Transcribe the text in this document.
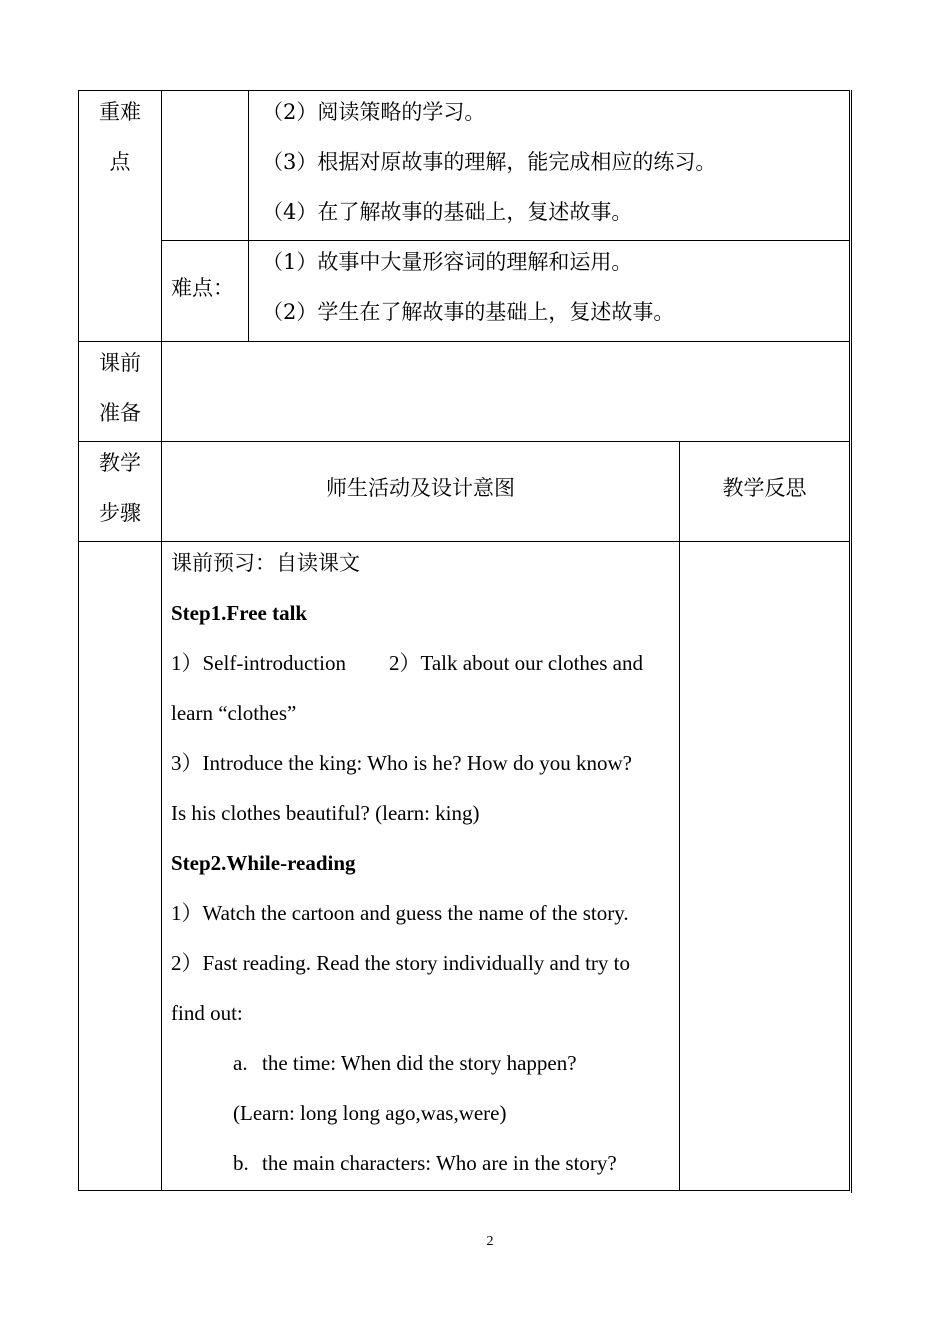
重难
点
（2）阅读策略的学习。
（3）根据对原故事的理解，能完成相应的练习。
（4）在了解故事的基础上，复述故事。
难点：
（1）故事中大量形容词的理解和运用。
（2）学生在了解故事的基础上，复述故事。
课前
准备
教学
步骤
师生活动及设计意图	教学反思
课前预习：自读课文
Step1.Free talk
1）Self-introduction 2）Talk about our clothes and
learn “clothes”
3）Introduce the king: Who is he? How do you know?
Is his clothes beautiful? (learn: king)
Step2.While-reading
1）Watch the cartoon and guess the name of the story.
2）Fast reading. Read the story individually and try to
find out:
a. the time: When did the story happen?
(Learn: long long ago,was,were)
b. the main characters: Who are in the story?
2
